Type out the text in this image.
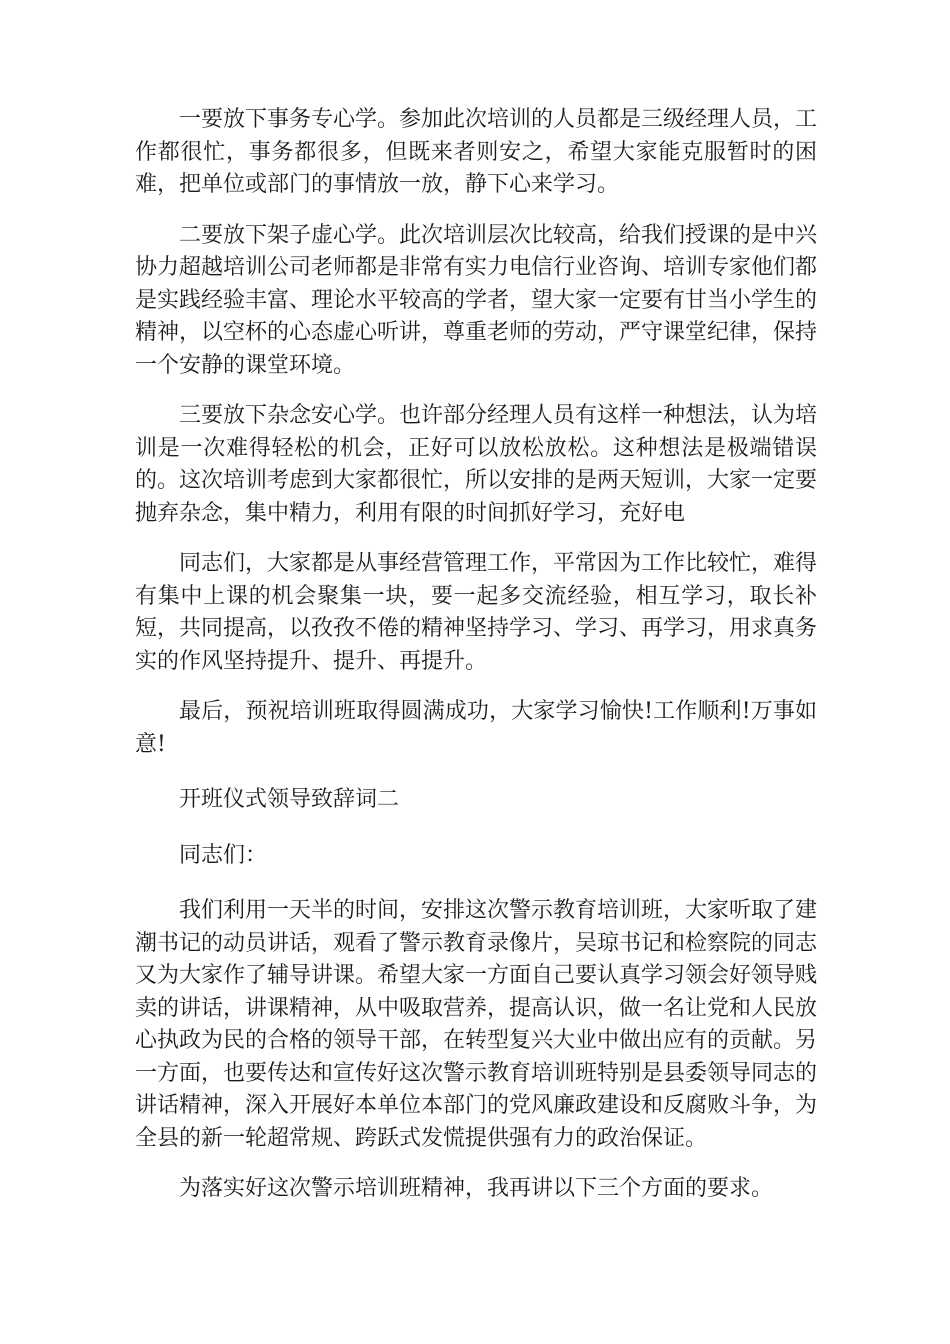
一要放下事务专心学。参加此次培训的人员都是三级经理人员，工作都很忙，事务都很多，但既来者则安之，希望大家能克服暂时的困难，把单位或部门的事情放一放，静下心来学习。

二要放下架子虚心学。此次培训层次比较高，给我们授课的是中兴协力超越培训公司老师都是非常有实力电信行业咨询、培训专家他们都是实践经验丰富、理论水平较高的学者，望大家一定要有甘当小学生的精神，以空杯的心态虚心听讲，尊重老师的劳动，严守课堂纪律，保持一个安静的课堂环境。

三要放下杂念安心学。也许部分经理人员有这样一种想法，认为培训是一次难得轻松的机会，正好可以放松放松。这种想法是极端错误的。这次培训考虑到大家都很忙，所以安排的是两天短训，大家一定要抛弃杂念，集中精力，利用有限的时间抓好学习，充好电

同志们，大家都是从事经营管理工作，平常因为工作比较忙，难得有集中上课的机会聚集一块，要一起多交流经验，相互学习，取长补短，共同提高，以孜孜不倦的精神坚持学习、学习、再学习，用求真务实的作风坚持提升、提升、再提升。

最后，预祝培训班取得圆满成功，大家学习愉快!工作顺利!万事如意!

开班仪式领导致辞词二

同志们：

我们利用一天半的时间，安排这次警示教育培训班，大家听取了建潮书记的动员讲话，观看了警示教育录像片，吴琼书记和检察院的同志又为大家作了辅导讲课。希望大家一方面自己要认真学习领会好领导贱卖的讲话，讲课精神，从中吸取营养，提高认识，做一名让党和人民放心执政为民的合格的领导干部，在转型复兴大业中做出应有的贡献。另一方面，也要传达和宣传好这次警示教育培训班特别是县委领导同志的讲话精神，深入开展好本单位本部门的党风廉政建设和反腐败斗争，为全县的新一轮超常规、跨跃式发慌提供强有力的政治保证。

为落实好这次警示培训班精神，我再讲以下三个方面的要求。
